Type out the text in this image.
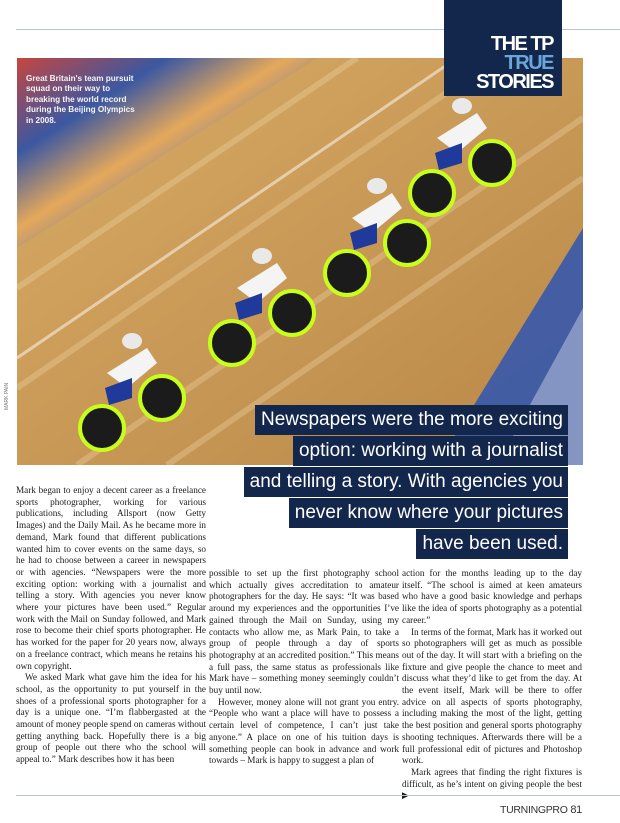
Great Britain's team pursuit squad on their way to breaking the world record during the Beijing Olympics in 2008.
MARK PAIN
THE TP
TRUE
STORIES
Newspapers were the more exciting
option: working with a journalist
and telling a story. With agencies you
never know where your pictures
have been used.

Mark began to enjoy a decent career as a freelance sports photographer, working for various publications, including Allsport (now Getty Images) and the Daily Mail. As he became more in demand, Mark found that different publications wanted him to cover events on the same days, so he had to choose between a career in newspapers or with agencies. “Newspapers were the more exciting option: working with a journalist and telling a story. With agencies you never know where your pictures have been used.” Regular work with the Mail on Sunday followed, and Mark rose to become their chief sports photographer. He has worked for the paper for 20 years now, always on a freelance contract, which means he retains his own copyright.

We asked Mark what gave him the idea for his school, as the opportunity to put yourself in the shoes of a professional sports photographer for a day is a unique one. “I’m flabbergasted at the amount of money people spend on cameras without getting anything back. Hopefully there is a big group of people out there who the school will appeal to.” Mark describes how it has been

possible to set up the first photography school which actually gives accreditation to amateur photographers for the day. He says: “It was based around my experiences and the opportunities I’ve gained through the Mail on Sunday, using my contacts who allow me, as Mark Pain, to take a group of people through a day of sports photography at an accredited position.” This means a full pass, the same status as professionals like Mark have – something money seemingly couldn’t buy until now.

However, money alone will not grant you entry. “People who want a place will have to possess a certain level of competence, I can’t just take anyone.” A place on one of his tuition days is something people can book in advance and work towards – Mark is happy to suggest a plan of

action for the months leading up to the day itself. “The school is aimed at keen amateurs who have a good basic knowledge and perhaps like the idea of sports photography as a potential career.”

In terms of the format, Mark has it worked out so photographers will get as much as possible out of the day. It will start with a briefing on the fixture and give people the chance to meet and discuss what they’d like to get from the day. At the event itself, Mark will be there to offer advice on all aspects of sports photography, including making the most of the light, getting the best position and general sports photography shooting techniques. Afterwards there will be a full professional edit of pictures and Photoshop work.

Mark agrees that finding the right fixtures is difficult, as he’s intent on giving people the best

TURNINGPRO 81
